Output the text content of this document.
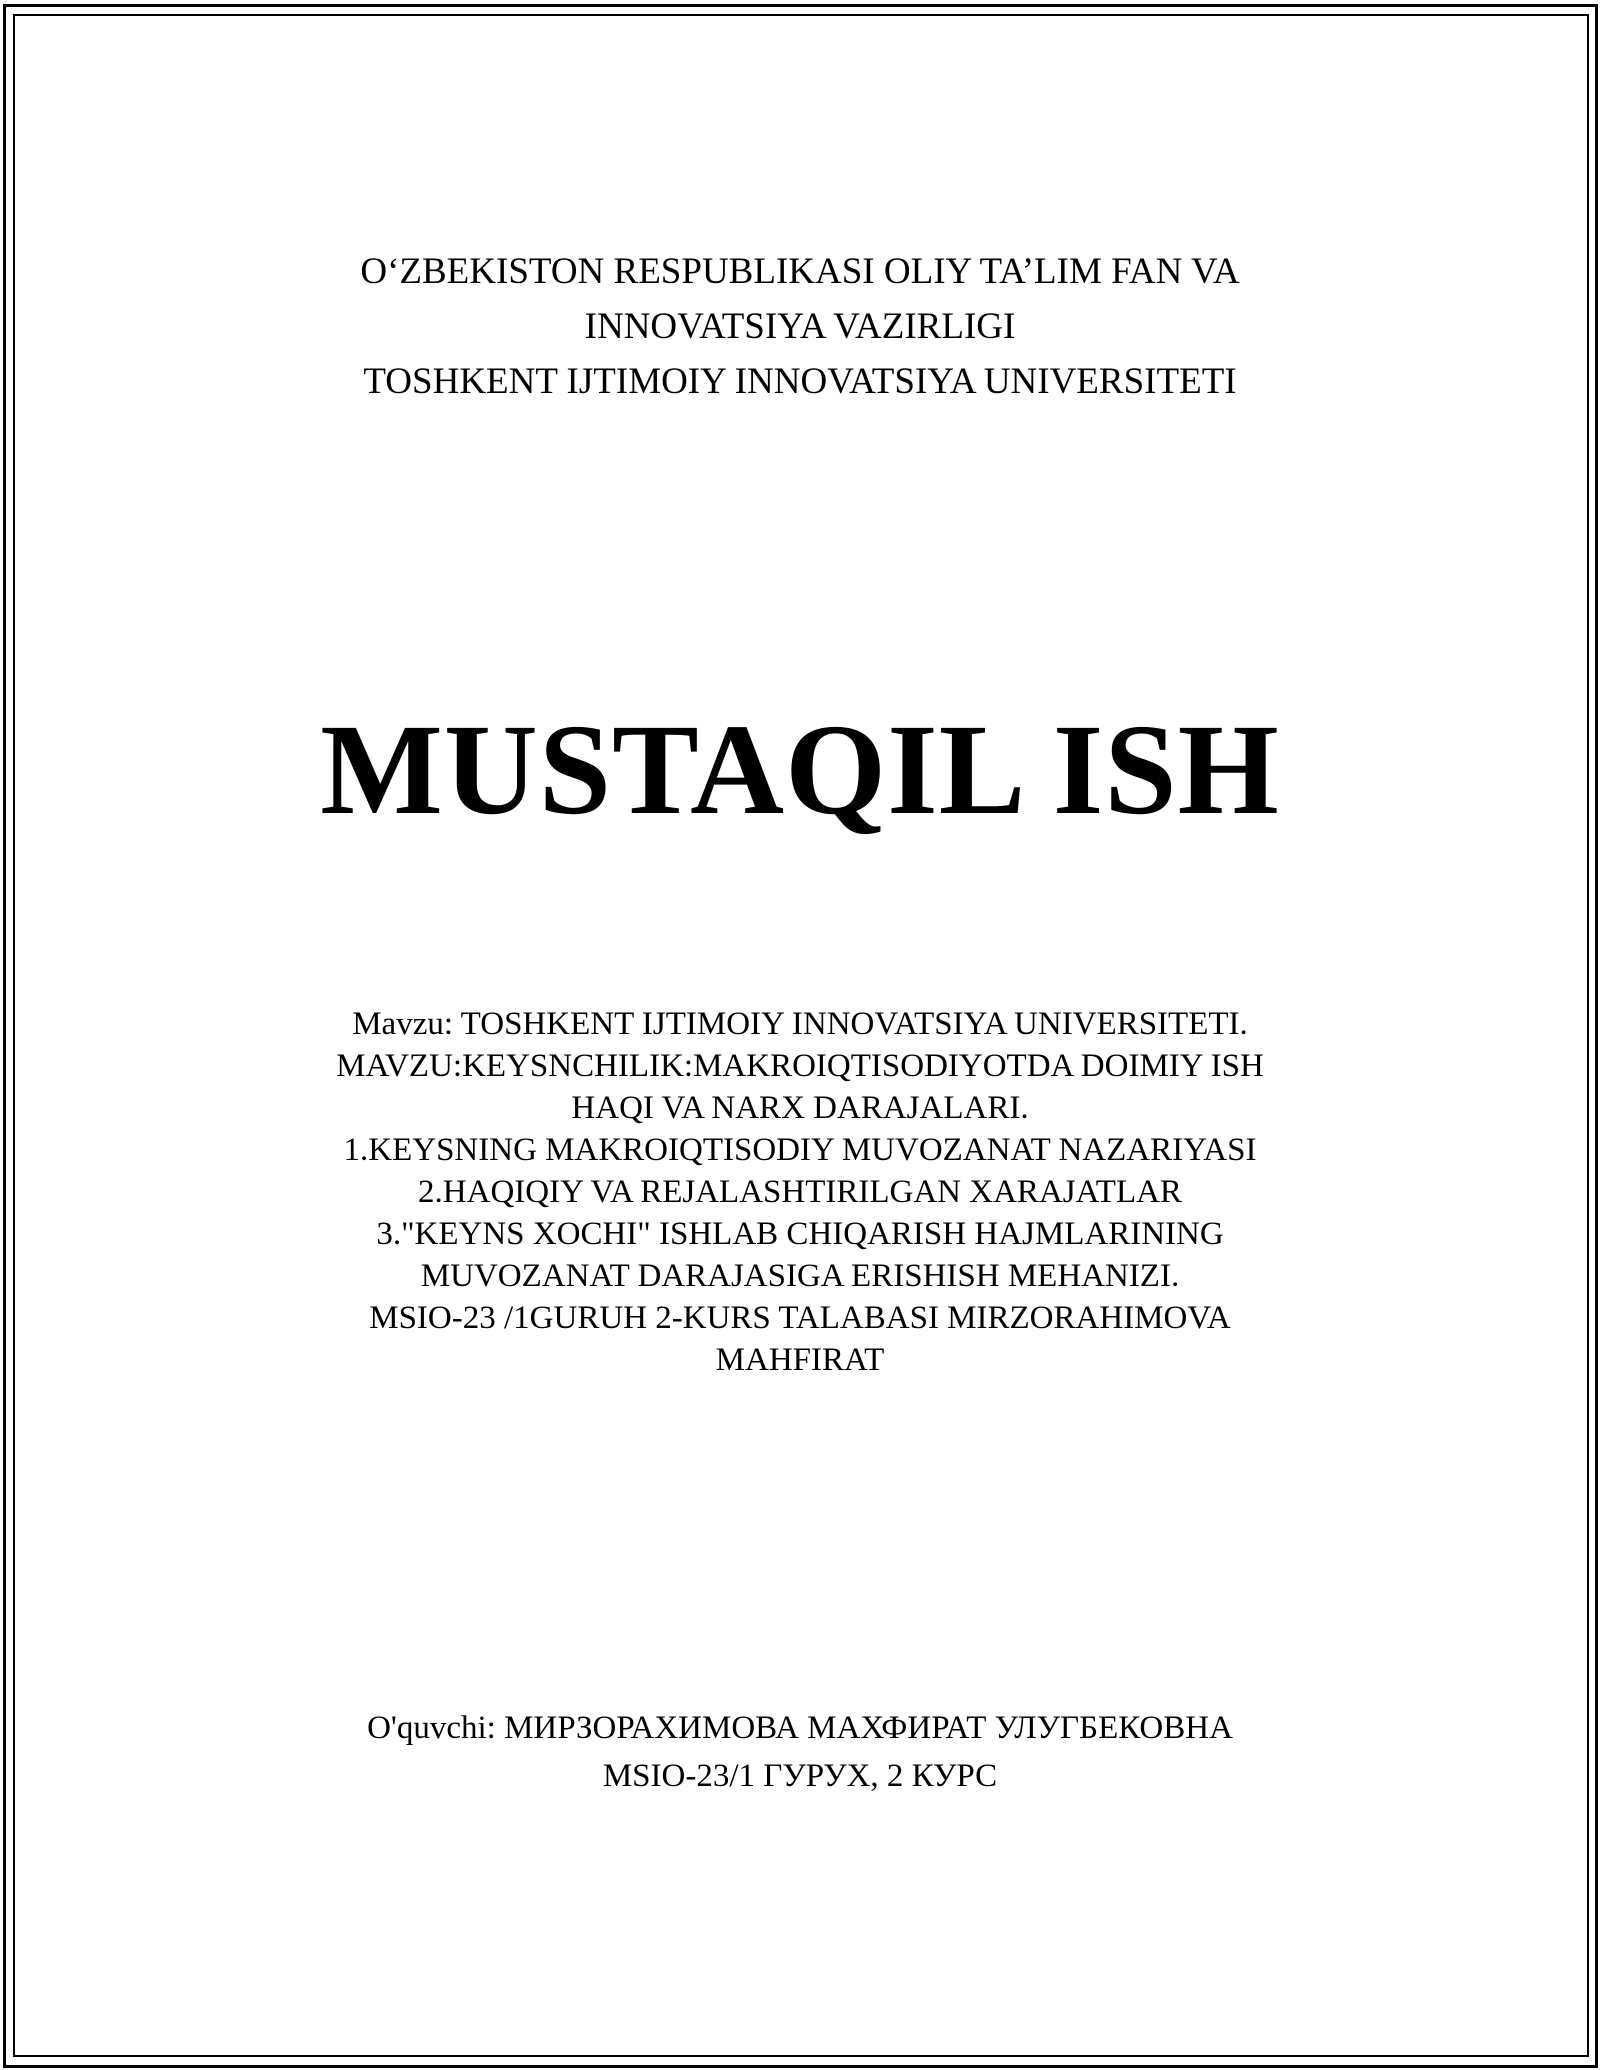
O‘ZBEKISTON RESPUBLIKASI OLIY TA’LIM FAN VA
INNOVATSIYA VAZIRLIGI
TOSHKENT IJTIMOIY INNOVATSIYA UNIVERSITETI
MUSTAQIL ISH
Mavzu: TOSHKENT IJTIMOIY INNOVATSIYA UNIVERSITETI.
MAVZU:KEYSNCHILIK:MAKROIQTISODIYOTDA DOIMIY ISH
HAQI VA NARX DARAJALARI.
1.KEYSNING MAKROIQTISODIY MUVOZANAT NAZARIYASI
2.HAQIQIY VA REJALASHTIRILGAN XARAJATLAR
3."KEYNS XOCHI" ISHLAB CHIQARISH HAJMLARINING
MUVOZANAT DARAJASIGA ERISHISH MEHANIZI.
MSIO-23 /1GURUH 2-KURS TALABASI MIRZORAHIMOVA
MAHFIRAT
O'quvchi: МИРЗОРАХИМОВА МАХФИРАТ УЛУГБЕКОВНА
MSIO-23/1 ГУРУХ, 2 КУРС
